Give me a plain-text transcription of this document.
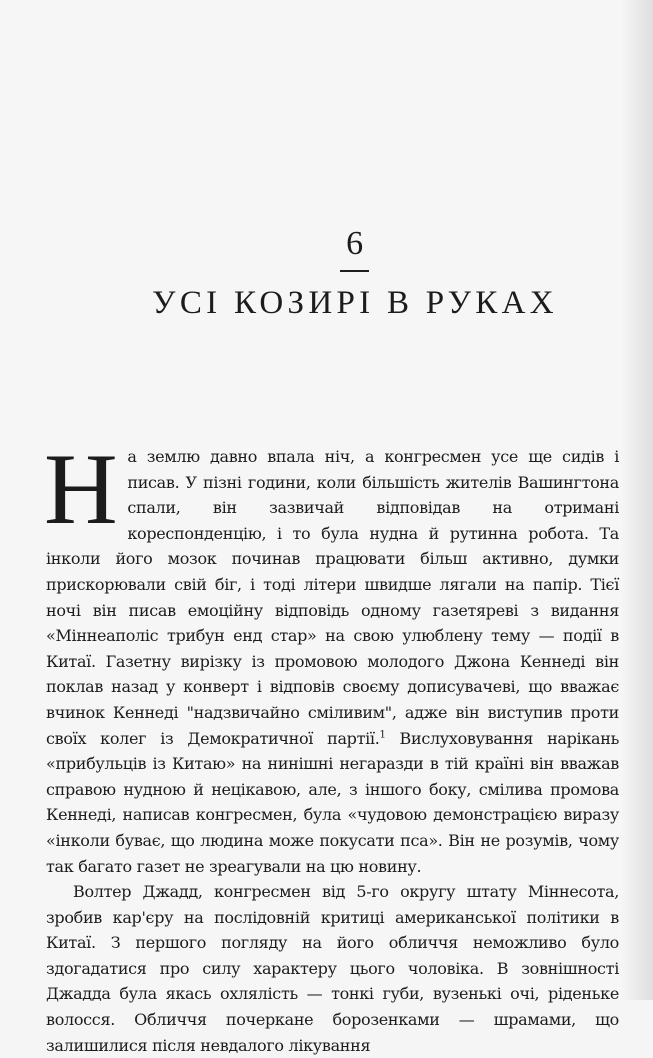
6
УСІ КОЗИРІ В РУКАХ

На землю давно впала ніч, а конгресмен усе ще сидів і писав. У пізні години, коли більшість жителів Вашингтона спали, він зазвичай відповідав на отримані кореспонденцію, і то була нудна й рутинна робота. Та інколи його мозок починав працювати більш активно, думки прискорювали свій біг, і тоді літери швидше лягали на папір. Тієї ночі він писав емоційну відповідь одному газетяреві з видання «Міннеаполіс трибун енд стар» на свою улюблену тему — події в Китаї. Газетну вирізку із промовою молодого Джона Кеннеді він поклав назад у конверт і відповів своєму дописувачеві, що вважає вчинок Кеннеді "надзвичайно сміливим", адже він виступив проти своїх колег із Демократичної партії.$^1$ Вислуховування нарікань «прибульців із Китаю» на нинішні негаразди в тій країні він вважав справою нудною й нецікавою, але, з іншого боку, смілива промова Кеннеді, написав конгресмен, була «чудовою демонстрацією виразу «інколи буває, що людина може покусати пса». Він не розумів, чому так багато газет не зреагували на цю новину.

Волтер Джадд, конгресмен від 5-го округу штату Міннесота, зробив кар'єру на послідовній критиці американської політики в Китаї. З першого погляду на його обличчя неможливо було здогадатися про силу характеру цього чоловіка. В зовнішності Джадда була якась охлялість — тонкі губи, вузенькі очі, рідeньке волосся. Обличчя почеркане борозенками — шрамами, що залишилися після невдалого лікування
